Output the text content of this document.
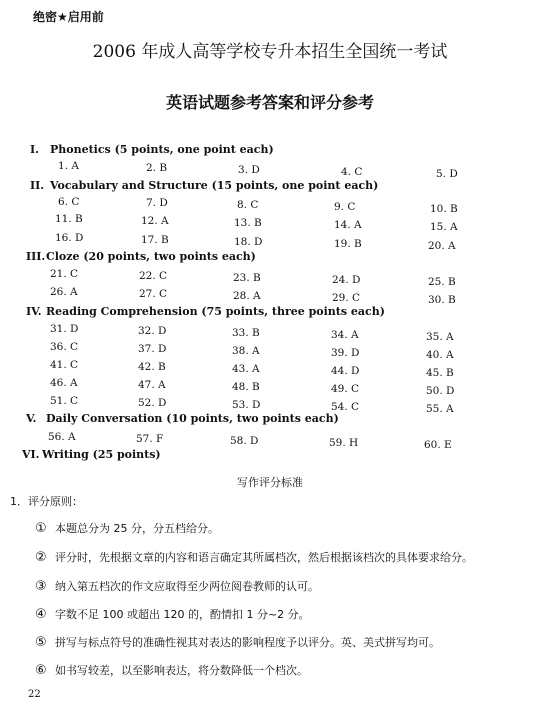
绝密★启用前
2006 年成人高等学校专升本招生全国统一考试
英语试题参考答案和评分参考
I. Phonetics (5 points, one point each)
1. A	2. B	3. D	4. C	5. D
II. Vocabulary and Structure (15 points, one point each)
6. C	7. D	8. C	9. C	10. B
11. B	12. A	13. B	14. A	15. A
16. D	17. B	18. D	19. B	20. A
III.Cloze (20 points, two points each)
21. C	22. C	23. B	24. D	25. B
26. A	27. C	28. A	29. C	30. B
IV. Reading Comprehension (75 points, three points each)
31. D	32. D	33. B	34. A	35. A
36. C	37. D	38. A	39. D	40. A
41. C	42. B	43. A	44. D	45. B
46. A	47. A	48. B	49. C	50. D
51. C	52. D	53. D	54. C	55. A
V. Daily Conversation (10 points, two points each)
56. A	57. F	58. D	59. H	60. E
VI. Writing (25 points)
写作评分标准
1．评分原则：
① 本题总分为 25 分，分五档给分。
② 评分时，先根据文章的内容和语言确定其所属档次，然后根据该档次的具体要求给分。
③ 纳入第五档次的作文应取得至少两位阅卷教师的认可。
④ 字数不足 100 或超出 120 的，酌情扣 1 分~2 分。
⑤ 拼写与标点符号的准确性视其对表达的影响程度予以评分。英、美式拼写均可。
⑥ 如书写较差，以至影响表达，将分数降低一个档次。
22
